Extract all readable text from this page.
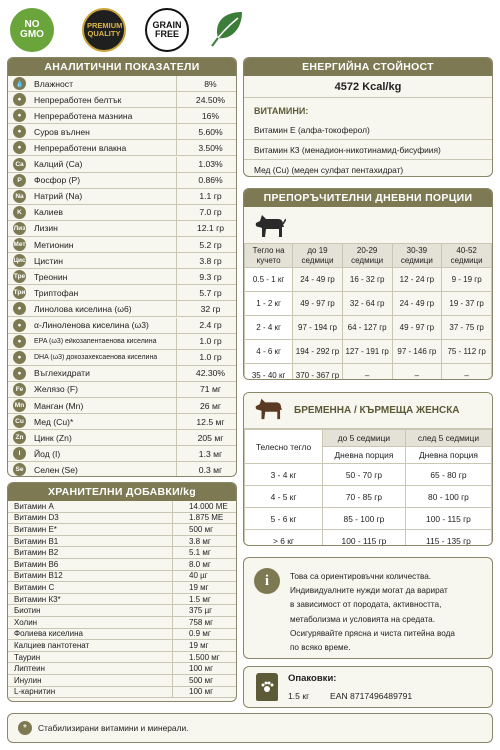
NO GMO
PREMIUM QUALITY
GRAIN FREE
АНАЛИТИЧНИ ПОКАЗАТЕЛИ
💧 Влажност	8%
●	Непреработен белтък	24.50%
●	Непреработена мазнина	16%
●	Суров вълнен	5.60%
●	Непреработени влакна	3.50%
Ca Калций (Ca)	1.03%
P	Фосфор (P)	0.86%
Na Натрий (Na)	1.1 гр
K	Калиев	7.0 гр
Лиз Лизин	12.1 гр
Мет Метионин	5.2 гр
Цис Цистин	3.8 гр
Тре Треонин	9.3 гр
Три Триптофан	5.7 гр
●	Линолова киселина (ω6)	32 гр
●	α-Линоленова киселина (ω3)	2.4 гр
●	EPA (ω3) ейкозапентаенова киселина	1.0 гр
●	DHA (ω3) докозахексаенова киселина	1.0 гр
●	Въглехидрати	42.30%
Fe	Желязо (F)	71 мг
Mn Манган (Mn)	26 мг
Cu Мед (Cu)*	12.5 мг
Zn Цинк (Zn)	205 мг
I	Йод (I)	1.3 мг
Se Селен (Se)	0.3 мг
ХРАНИТЕЛНИ ДОБАВКИ/kg
Витамин А	14.000 МЕ
Витамин D3	1.875 МЕ
Витамин Е*	500 мг
Витамин В1	3.8 мг
Витамин В2	5.1 мг
Витамин В6	8.0 мг
Витамин В12	40 µг
Витамин С	19 мг
Витамин К3*	1.5 мг
Биотин	375 µг
Холин	758 мг
Фолиева киселина	0.9 мг
Калциев пантотенат	19 мг
Таурин	1.500 мг
Липтеин	100 мг
Инулин	500 мг
L-карнитин	100 мг
*	Стабилизирани витамини и минерали.
ЕНЕРГИЙНА СТОЙНОСТ
4572 Kcal/kg
ВИТАМИНИ:
Витамин Е (алфа-токоферол)
Витамин К3 (менадион-никотинамид-бисуфиия)
Мед (Cu) (меден сулфат пентахидрат)
ПРЕПОРЪЧИТЕЛНИ ДНЕВНИ ПОРЦИИ
Тегло на кучето	до 19 седмици	20-29 седмици	30-39 седмици	40-52 седмици
0.5 - 1 кг	24 - 49 гр	16 - 32 гр	12 - 24 гр	9 - 19 гр
1 - 2 кг	49 - 97 гр	32 - 64 гр	24 - 49 гр	19 - 37 гр
2 - 4 кг	97 - 194 гр	64 - 127 гр	49 - 97 гр	37 - 75 гр
4 - 6 кг	194 - 292 гр	127 - 191 гр	97 - 146 гр	75 - 112 гр
35 - 40 кг	370 - 367 гр	–	–	–
БРЕМЕННА / КЪРМЕЩА ЖЕНСКА
Телесно тегло	до 5 седмици	след 5 седмици
	Дневна порция	Дневна порция
3 - 4 кг	50 - 70 гр	65 - 80 гр
4 - 5 кг	70 - 85 гр	80 - 100 гр
5 - 6 кг	85 - 100 гр	100 - 115 гр
> 6 кг	100 - 115 гр	115 - 135 гр
i	Това са ориентировъчни количества.
Индивидуалните нужди могат да варират
в зависимост от породата, активността,
метаболизма и условията на средата.
Осигурявайте прясна и чиста питейна вода
по всяко време.
Опаковки:
1.5 кг EAN 8717496489791
